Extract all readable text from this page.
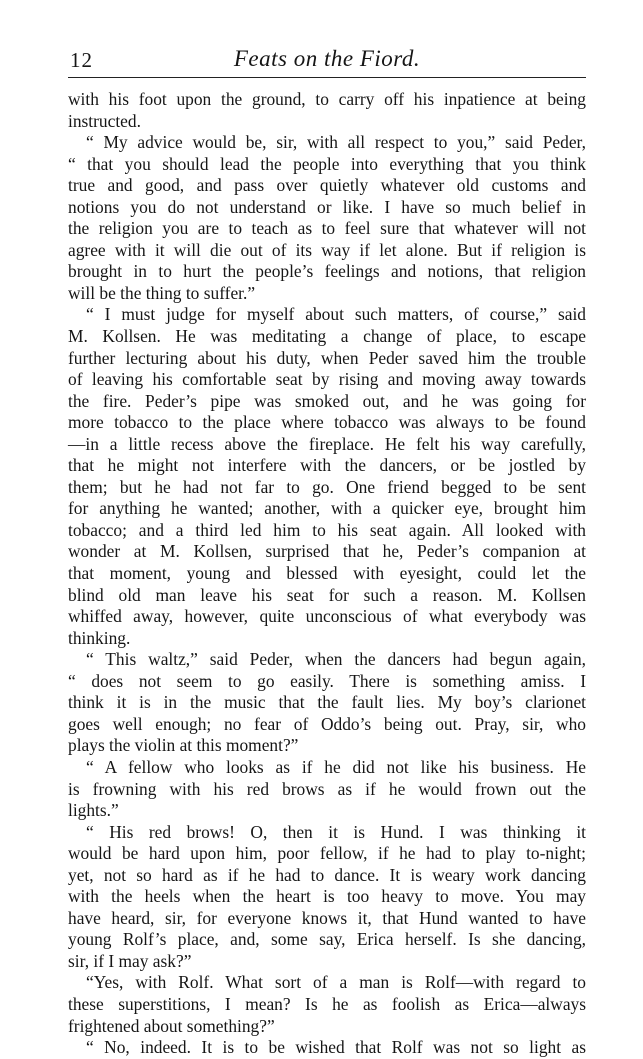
12	Feats on the Fiord.
with his foot upon the ground, to carry off his inpatience at being
instructed.
“ My advice would be, sir, with all respect to you,” said Peder,
“ that you should lead the people into everything that you think
true and good, and pass over quietly whatever old customs and
notions you do not understand or like. I have so much belief in
the religion you are to teach as to feel sure that whatever will not
agree with it will die out of its way if let alone. But if religion is
brought in to hurt the people’s feelings and notions, that religion
will be the thing to suffer.”
“ I must judge for myself about such matters, of course,” said
M. Kollsen. He was meditating a change of place, to escape
further lecturing about his duty, when Peder saved him the trouble
of leaving his comfortable seat by rising and moving away towards
the fire. Peder’s pipe was smoked out, and he was going for
more tobacco to the place where tobacco was always to be found
—in a little recess above the fireplace. He felt his way carefully,
that he might not interfere with the dancers, or be jostled by
them; but he had not far to go. One friend begged to be sent
for anything he wanted; another, with a quicker eye, brought him
tobacco; and a third led him to his seat again. All looked with
wonder at M. Kollsen, surprised that he, Peder’s companion at
that moment, young and blessed with eyesight, could let the
blind old man leave his seat for such a reason. M. Kollsen
whiffed away, however, quite unconscious of what everybody was
thinking.
“ This waltz,” said Peder, when the dancers had begun again,
“ does not seem to go easily. There is something amiss. I
think it is in the music that the fault lies. My boy’s clarionet
goes well enough; no fear of Oddo’s being out. Pray, sir, who
plays the violin at this moment?”
“ A fellow who looks as if he did not like his business. He
is frowning with his red brows as if he would frown out the
lights.”
“ His red brows! O, then it is Hund. I was thinking it
would be hard upon him, poor fellow, if he had to play to-night;
yet, not so hard as if he had to dance. It is weary work dancing
with the heels when the heart is too heavy to move. You may
have heard, sir, for everyone knows it, that Hund wanted to have
young Rolf’s place, and, some say, Erica herself. Is she dancing,
sir, if I may ask?”
“Yes, with Rolf. What sort of a man is Rolf—with regard to
these superstitions, I mean? Is he as foolish as Erica—always
frightened about something?”
“ No, indeed. It is to be wished that Rolf was not so light as
